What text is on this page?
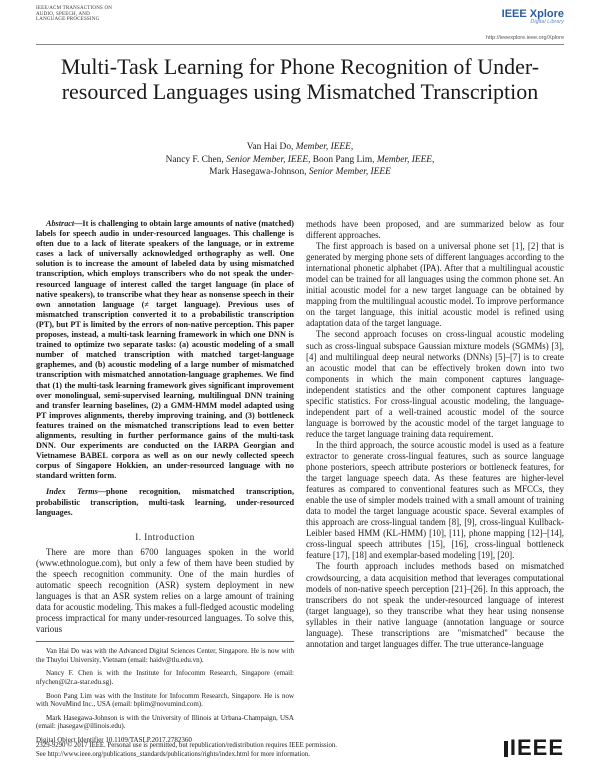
IEEE/ACM TRANSACTIONS ON
AUDIO, SPEECH, AND
LANGUAGE PROCESSING	IEEE Xplore
Digital Library
http://ieeexplore.ieee.org/Xplore
Multi-Task Learning for Phone Recognition of Under-resourced Languages using Mismatched Transcription
Van Hai Do, Member, IEEE,
Nancy F. Chen, Senior Member, IEEE, Boon Pang Lim, Member, IEEE,
Mark Hasegawa-Johnson, Senior Member, IEEE

Abstract—It is challenging to obtain large amounts of native (matched) labels for speech audio in under-resourced languages. This challenge is often due to a lack of literate speakers of the language, or in extreme cases a lack of universally acknowledged orthography as well. One solution is to increase the amount of labeled data by using mismatched transcription, which employs transcribers who do not speak the under-resourced language of interest called the target language (in place of native speakers), to transcribe what they hear as nonsense speech in their own annotation language (≠ target language). Previous uses of mismatched transcription converted it to a probabilistic transcription (PT), but PT is limited by the errors of non-native perception. This paper proposes, instead, a multi-task learning framework in which one DNN is trained to optimize two separate tasks: (a) acoustic modeling of a small number of matched transcription with matched target-language graphemes, and (b) acoustic modeling of a large number of mismatched transcription with mismatched annotation-language graphemes. We find that (1) the multi-task learning framework gives significant improvement over monolingual, semi-supervised learning, multilingual DNN training and transfer learning baselines, (2) a GMM-HMM model adapted using PT improves alignments, thereby improving training, and (3) bottleneck features trained on the mismatched transcriptions lead to even better alignments, resulting in further performance gains of the multi-task DNN. Our experiments are conducted on the IARPA Georgian and Vietnamese BABEL corpora as well as on our newly collected speech corpus of Singapore Hokkien, an under-resourced language with no standard written form.

Index Terms—phone recognition, mismatched transcription, probabilistic transcription, multi-task learning, under-resourced languages.

I. Introduction

There are more than 6700 languages spoken in the world (www.ethnologue.com), but only a few of them have been studied by the speech recognition community. One of the main hurdles of automatic speech recognition (ASR) system deployment in new languages is that an ASR system relies on a large amount of training data for acoustic modeling. This makes a full-fledged acoustic modeling process impractical for many under-resourced languages. To solve this, various

Van Hai Do was with the Advanced Digital Sciences Center, Singapore. He is now with the Thuyloi University, Vietnam (email: haidv@tlu.edu.vn).

Nancy F. Chen is with the Institute for Infocomm Research, Singapore (email: nfychen@i2r.a-star.edu.sg).

Boon Pang Lim was with the Institute for Infocomm Research, Singapore. He is now with NovuMind Inc., USA (email: bplim@novumind.com).

Mark Hasegawa-Johnson is with the University of Illinois at Urbana-Champaign, USA (email: jhasegaw@illinois.edu).

Digital Object Identifier 10.1109/TASLP.2017.2782360

methods have been proposed, and are summarized below as four different approaches.

The first approach is based on a universal phone set [1], [2] that is generated by merging phone sets of different languages according to the international phonetic alphabet (IPA). After that a multilingual acoustic model can be trained for all languages using the common phone set. An initial acoustic model for a new target language can be obtained by mapping from the multilingual acoustic model. To improve performance on the target language, this initial acoustic model is refined using adaptation data of the target language.

The second approach focuses on cross-lingual acoustic modeling such as cross-lingual subspace Gaussian mixture models (SGMMs) [3], [4] and multilingual deep neural networks (DNNs) [5]–[7] is to create an acoustic model that can be effectively broken down into two components in which the main component captures language-independent statistics and the other component captures language specific statistics. For cross-lingual acoustic modeling, the language-independent part of a well-trained acoustic model of the source language is borrowed by the acoustic model of the target language to reduce the target language training data requirement.

In the third approach, the source acoustic model is used as a feature extractor to generate cross-lingual features, such as source language phone posteriors, speech attribute posteriors or bottleneck features, for the target language speech data. As these features are higher-level features as compared to conventional features such as MFCCs, they enable the use of simpler models trained with a small amount of training data to model the target language acoustic space. Several examples of this approach are cross-lingual tandem [8], [9], cross-lingual Kullback-Leibler based HMM (KL-HMM) [10], [11], phone mapping [12]–[14], cross-lingual speech attributes [15], [16], cross-lingual bottleneck feature [17], [18] and exemplar-based modeling [19], [20].

The fourth approach includes methods based on mismatched crowdsourcing, a data acquisition method that leverages computational models of non-native speech perception [21]–[26]. In this approach, the transcribers do not speak the under-resourced language of interest (target language), so they transcribe what they hear using nonsense syllables in their native language (annotation language or source language). These transcriptions are "mismatched" because the annotation and target languages differ. The true utterance-language

2329-9290 © 2017 IEEE. Personal use is permitted, but republication/redistribution requires IEEE permission.
See http://www.ieee.org/publications_standards/publications/rights/index.html for more information.	IEEE
